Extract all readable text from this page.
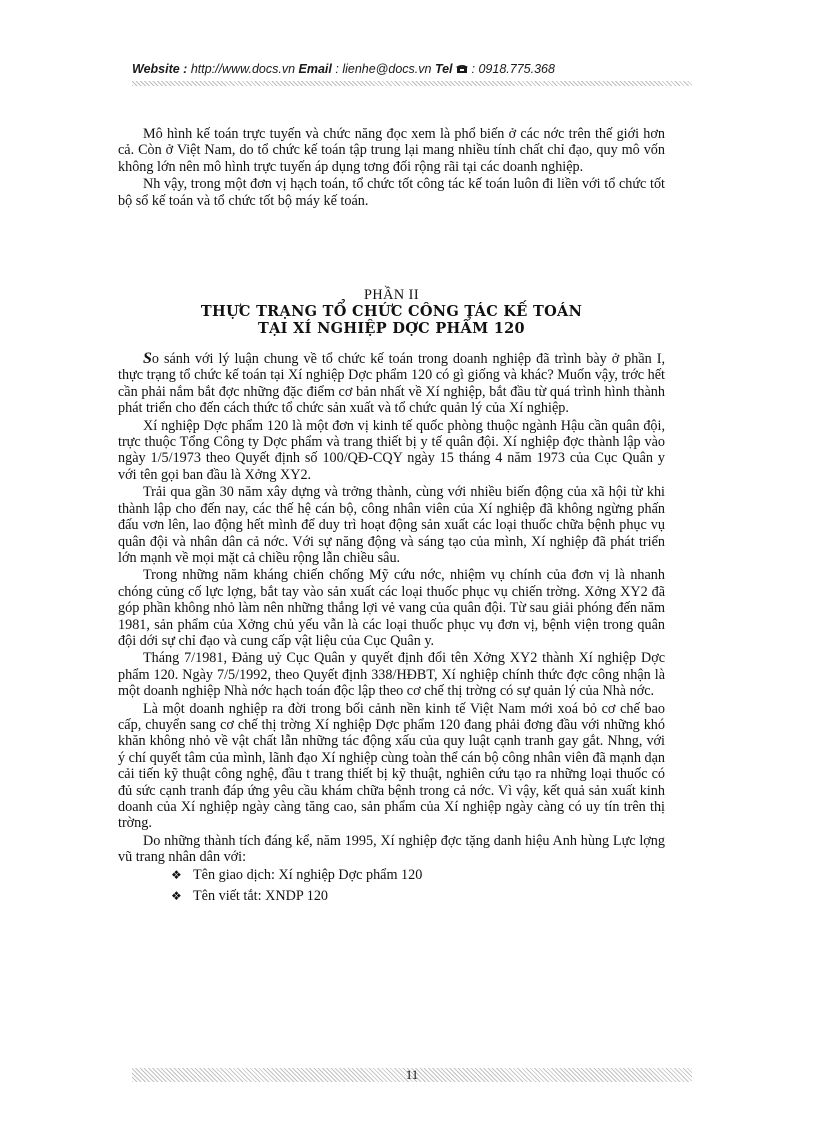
Website : http://www.docs.vn Email : lienhe@docs.vn Tel : 0918.775.368

Mô hình kế toán trực tuyến và chức năng đọc xem là phổ biến ở các nớc trên thế giới hơn cả. Còn ở Việt Nam, do tổ chức kế toán tập trung lại mang nhiều tính chất chỉ đạo, quy mô vốn không lớn nên mô hình trực tuyến áp dụng tơng đối rộng rãi tại các doanh nghiệp.

Nh vậy, trong một đơn vị hạch toán, tổ chức tốt công tác kế toán luôn đi liền với tổ chức tốt bộ sổ kế toán và tổ chức tốt bộ máy kế toán.

PHẦN II
THỰC TRẠNG TỔ CHỨC CÔNG TÁC KẾ TOÁN
TẠI XÍ NGHIỆP DỢC PHẨM 120

So sánh với lý luận chung về tổ chức kế toán trong doanh nghiệp đã trình bày ở phần I, thực trạng tổ chức kế toán tại Xí nghiệp Dợc phẩm 120 có gì giống và khác? Muốn vậy, trớc hết cần phải nắm bắt đợc những đặc điểm cơ bản nhất về Xí nghiệp, bắt đầu từ quá trình hình thành phát triển cho đến cách thức tổ chức sản xuất và tổ chức quản lý của Xí nghiệp.

Xí nghiệp Dợc phẩm 120 là một đơn vị kinh tế quốc phòng thuộc ngành Hậu cần quân đội, trực thuộc Tổng Công ty Dợc phẩm và trang thiết bị y tế quân đội. Xí nghiệp đợc thành lập vào ngày 1/5/1973 theo Quyết định số 100/QĐ-CQY ngày 15 tháng 4 năm 1973 của Cục Quân y với tên gọi ban đầu là Xởng XY2.

Trải qua gần 30 năm xây dựng và trởng thành, cùng với nhiều biến động của xã hội từ khi thành lập cho đến nay, các thế hệ cán bộ, công nhân viên của Xí nghiệp đã không ngừng phấn đấu vơn lên, lao động hết mình để duy trì hoạt động sản xuất các loại thuốc chữa bệnh phục vụ quân đội và nhân dân cả nớc. Với sự năng động và sáng tạo của mình, Xí nghiệp đã phát triển lớn mạnh về mọi mặt cả chiều rộng lẫn chiều sâu.

Trong những năm kháng chiến chống Mỹ cứu nớc, nhiệm vụ chính của đơn vị là nhanh chóng củng cố lực lợng, bắt tay vào sản xuất các loại thuốc phục vụ chiến trờng. Xởng XY2 đã góp phần không nhỏ làm nên những thắng lợi vẻ vang của quân đội. Từ sau giải phóng đến năm 1981, sản phẩm của Xởng chủ yếu vẫn là các loại thuốc phục vụ đơn vị, bệnh viện trong quân đội dới sự chỉ đạo và cung cấp vật liệu của Cục Quân y.

Tháng 7/1981, Đảng uỷ Cục Quân y quyết định đổi tên Xởng XY2 thành Xí nghiệp Dợc phẩm 120. Ngày 7/5/1992, theo Quyết định 338/HĐBT, Xí nghiệp chính thức đợc công nhận là một doanh nghiệp Nhà nớc hạch toán độc lập theo cơ chế thị trờng có sự quản lý của Nhà nớc.

Là một doanh nghiệp ra đời trong bối cảnh nền kinh tế Việt Nam mới xoá bỏ cơ chế bao cấp, chuyển sang cơ chế thị trờng Xí nghiệp Dợc phẩm 120 đang phải đơng đầu với những khó khăn không nhỏ về vật chất lẫn những tác động xấu của quy luật cạnh tranh gay gắt. Nhng, với ý chí quyết tâm của mình, lãnh đạo Xí nghiệp cùng toàn thể cán bộ công nhân viên đã mạnh dạn cải tiến kỹ thuật công nghệ, đầu t trang thiết bị kỹ thuật, nghiên cứu tạo ra những loại thuốc có đủ sức cạnh tranh đáp ứng yêu cầu khám chữa bệnh trong cả nớc. Vì vậy, kết quả sản xuất kinh doanh của Xí nghiệp ngày càng tăng cao, sản phẩm của Xí nghiệp ngày càng có uy tín trên thị trờng.

Do những thành tích đáng kể, năm 1995, Xí nghiệp đợc tặng danh hiệu Anh hùng Lực lợng vũ trang nhân dân với:

❖ Tên giao dịch: Xí nghiệp Dợc phẩm 120
❖ Tên viết tắt: XNDP 120
11
